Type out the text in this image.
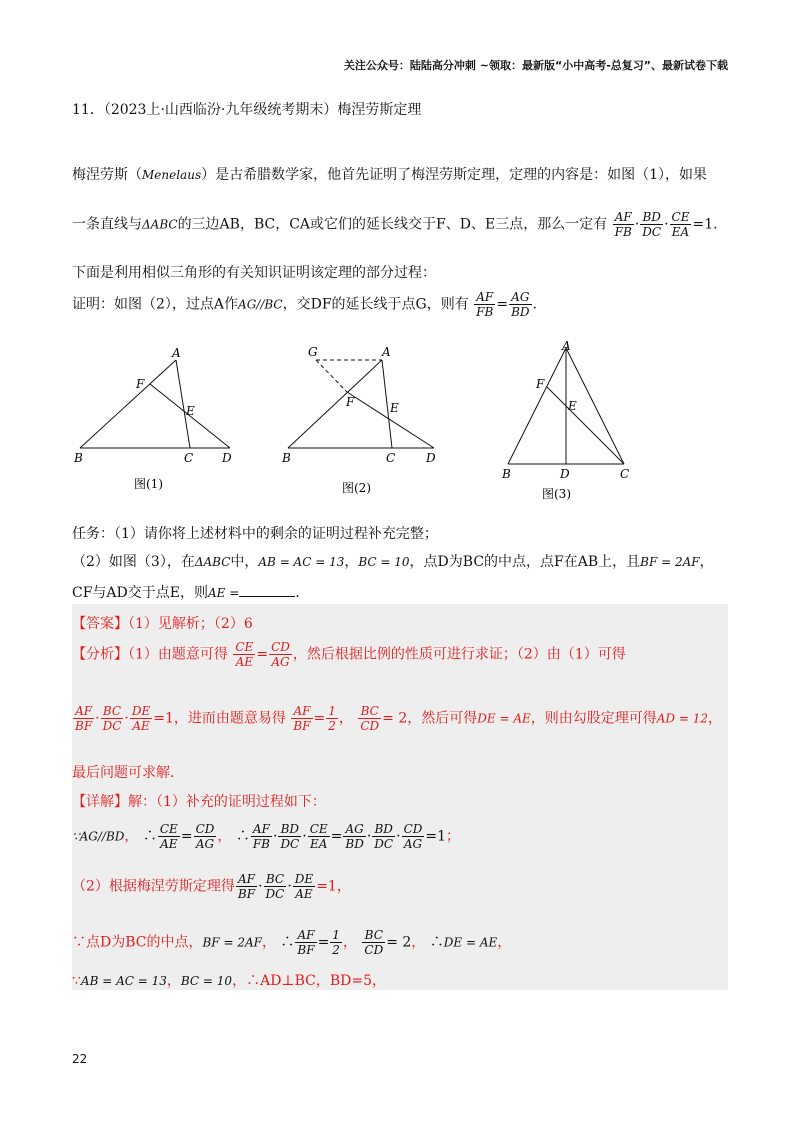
关注公众号：陆陆高分冲刺 ~领取：最新版“小中高考-总复习”、最新试卷下载
11．（2023上·山西临汾·九年级统考期末）梅涅劳斯定理
梅涅劳斯（Menelaus）是古希腊数学家，他首先证明了梅涅劳斯定理，定理的内容是：如图（1），如果
一条直线与ΔABC的三边AB，BC，CA或它们的延长线交于F、D、E三点，那么一定有 $\frac{AF}{FB} \cdot \frac{BD}{DC} \cdot \frac{CE}{EA} =1$.
下面是利用相似三角形的有关知识证明该定理的部分过程：
证明：如图（2），过点A作AG//BC，交DF的延长线于点G，则有 $\frac{AF}{FB} = \frac{AG}{BD}$ .
A
F
E
B	C D
图(1)
G	A
F	E
B	C	D
图(2)
A
F
E
B	D	C
图(3)
任务：（1）请你将上述材料中的剩余的证明过程补充完整；
（2）如图（3），在ΔABC中，AB = AC = 13，BC = 10，点D为BC的中点，点F在AB上，且BF = 2AF，
CF与AD交于点E，则AE =	.
【答案】（1）见解析；（2）6
【分析】（1）由题意可得 $\frac{CE}{AE} = \frac{CD}{AG}$ ，然后根据比例的性质可进行求证；（2）由（1）可得
$\frac{AF}{BF} \cdot \frac{BC}{DC} \cdot \frac{DE}{AE} =1$，进而由题意易得 $\frac{AF}{BF} = \frac{1}{2}$ ， $\frac{BC}{CD} = 2$，然后可得DE = AE，则由勾股定理可得AD = 12，
最后问题可求解.
【详解】解：（1）补充的证明过程如下：
∵AG//BD， ∴ $\frac{CE}{AE} = \frac{CD}{AG}$ ， ∴ $\frac{AF}{FB} \cdot \frac{BD}{DC} \cdot \frac{CE}{EA} = \frac{AG}{BD} \cdot \frac{BD}{DC} \cdot \frac{CD}{AG} =1$；
（2）根据梅涅劳斯定理得 $\frac{AF}{BF} \cdot \frac{BC}{DC} \cdot \frac{DE}{AE} =1$，
∵点D为BC的中点，BF = 2AF， ∴ $\frac{AF}{BF} = \frac{1}{2}$ ， $\frac{BC}{CD} = 2$， ∴DE = AE，
∵AB = AC = 13，BC = 10，∴AD⊥BC，BD=5，
22
